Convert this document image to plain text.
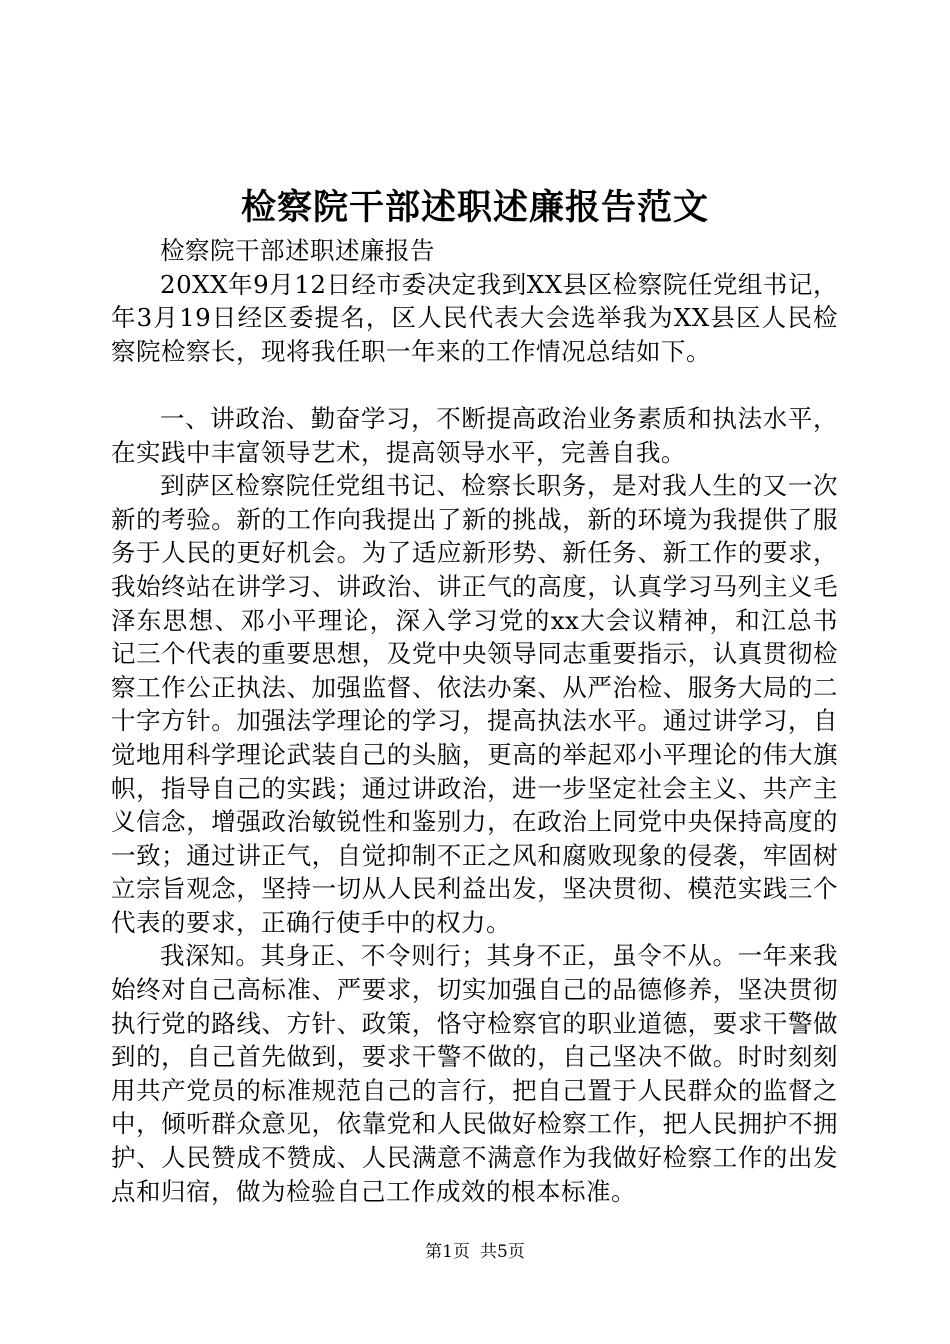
检察院干部述职述廉报告范文

检察院干部述职述廉报告

20XX年9月12日经市委决定我到XX县区检察院任党组书记，年3月19日经区委提名，区人民代表大会选举我为XX县区人民检察院检察长，现将我任职一年来的工作情况总结如下。

一、讲政治、勤奋学习，不断提高政治业务素质和执法水平，在实践中丰富领导艺术，提高领导水平，完善自我。

到萨区检察院任党组书记、检察长职务，是对我人生的又一次新的考验。新的工作向我提出了新的挑战，新的环境为我提供了服务于人民的更好机会。为了适应新形势、新任务、新工作的要求，我始终站在讲学习、讲政治、讲正气的高度，认真学习马列主义毛泽东思想、邓小平理论，深入学习党的xx大会议精神，和江总书记三个代表的重要思想，及党中央领导同志重要指示，认真贯彻检察工作公正执法、加强监督、依法办案、从严治检、服务大局的二十字方针。加强法学理论的学习，提高执法水平。通过讲学习，自觉地用科学理论武装自己的头脑，更高的举起邓小平理论的伟大旗帜，指导自己的实践；通过讲政治，进一步坚定社会主义、共产主义信念，增强政治敏锐性和鉴别力，在政治上同党中央保持高度的一致；通过讲正气，自觉抑制不正之风和腐败现象的侵袭，牢固树立宗旨观念，坚持一切从人民利益出发，坚决贯彻、模范实践三个代表的要求，正确行使手中的权力。

我深知。其身正、不令则行；其身不正，虽令不从。一年来我始终对自己高标准、严要求，切实加强自己的品德修养，坚决贯彻执行党的路线、方针、政策，恪守检察官的职业道德，要求干警做到的，自己首先做到，要求干警不做的，自己坚决不做。时时刻刻用共产党员的标准规范自己的言行，把自己置于人民群众的监督之中，倾听群众意见，依靠党和人民做好检察工作，把人民拥护不拥护、人民赞成不赞成、人民满意不满意作为我做好检察工作的出发点和归宿，做为检验自己工作成效的根本标准。

第1页 共5页
